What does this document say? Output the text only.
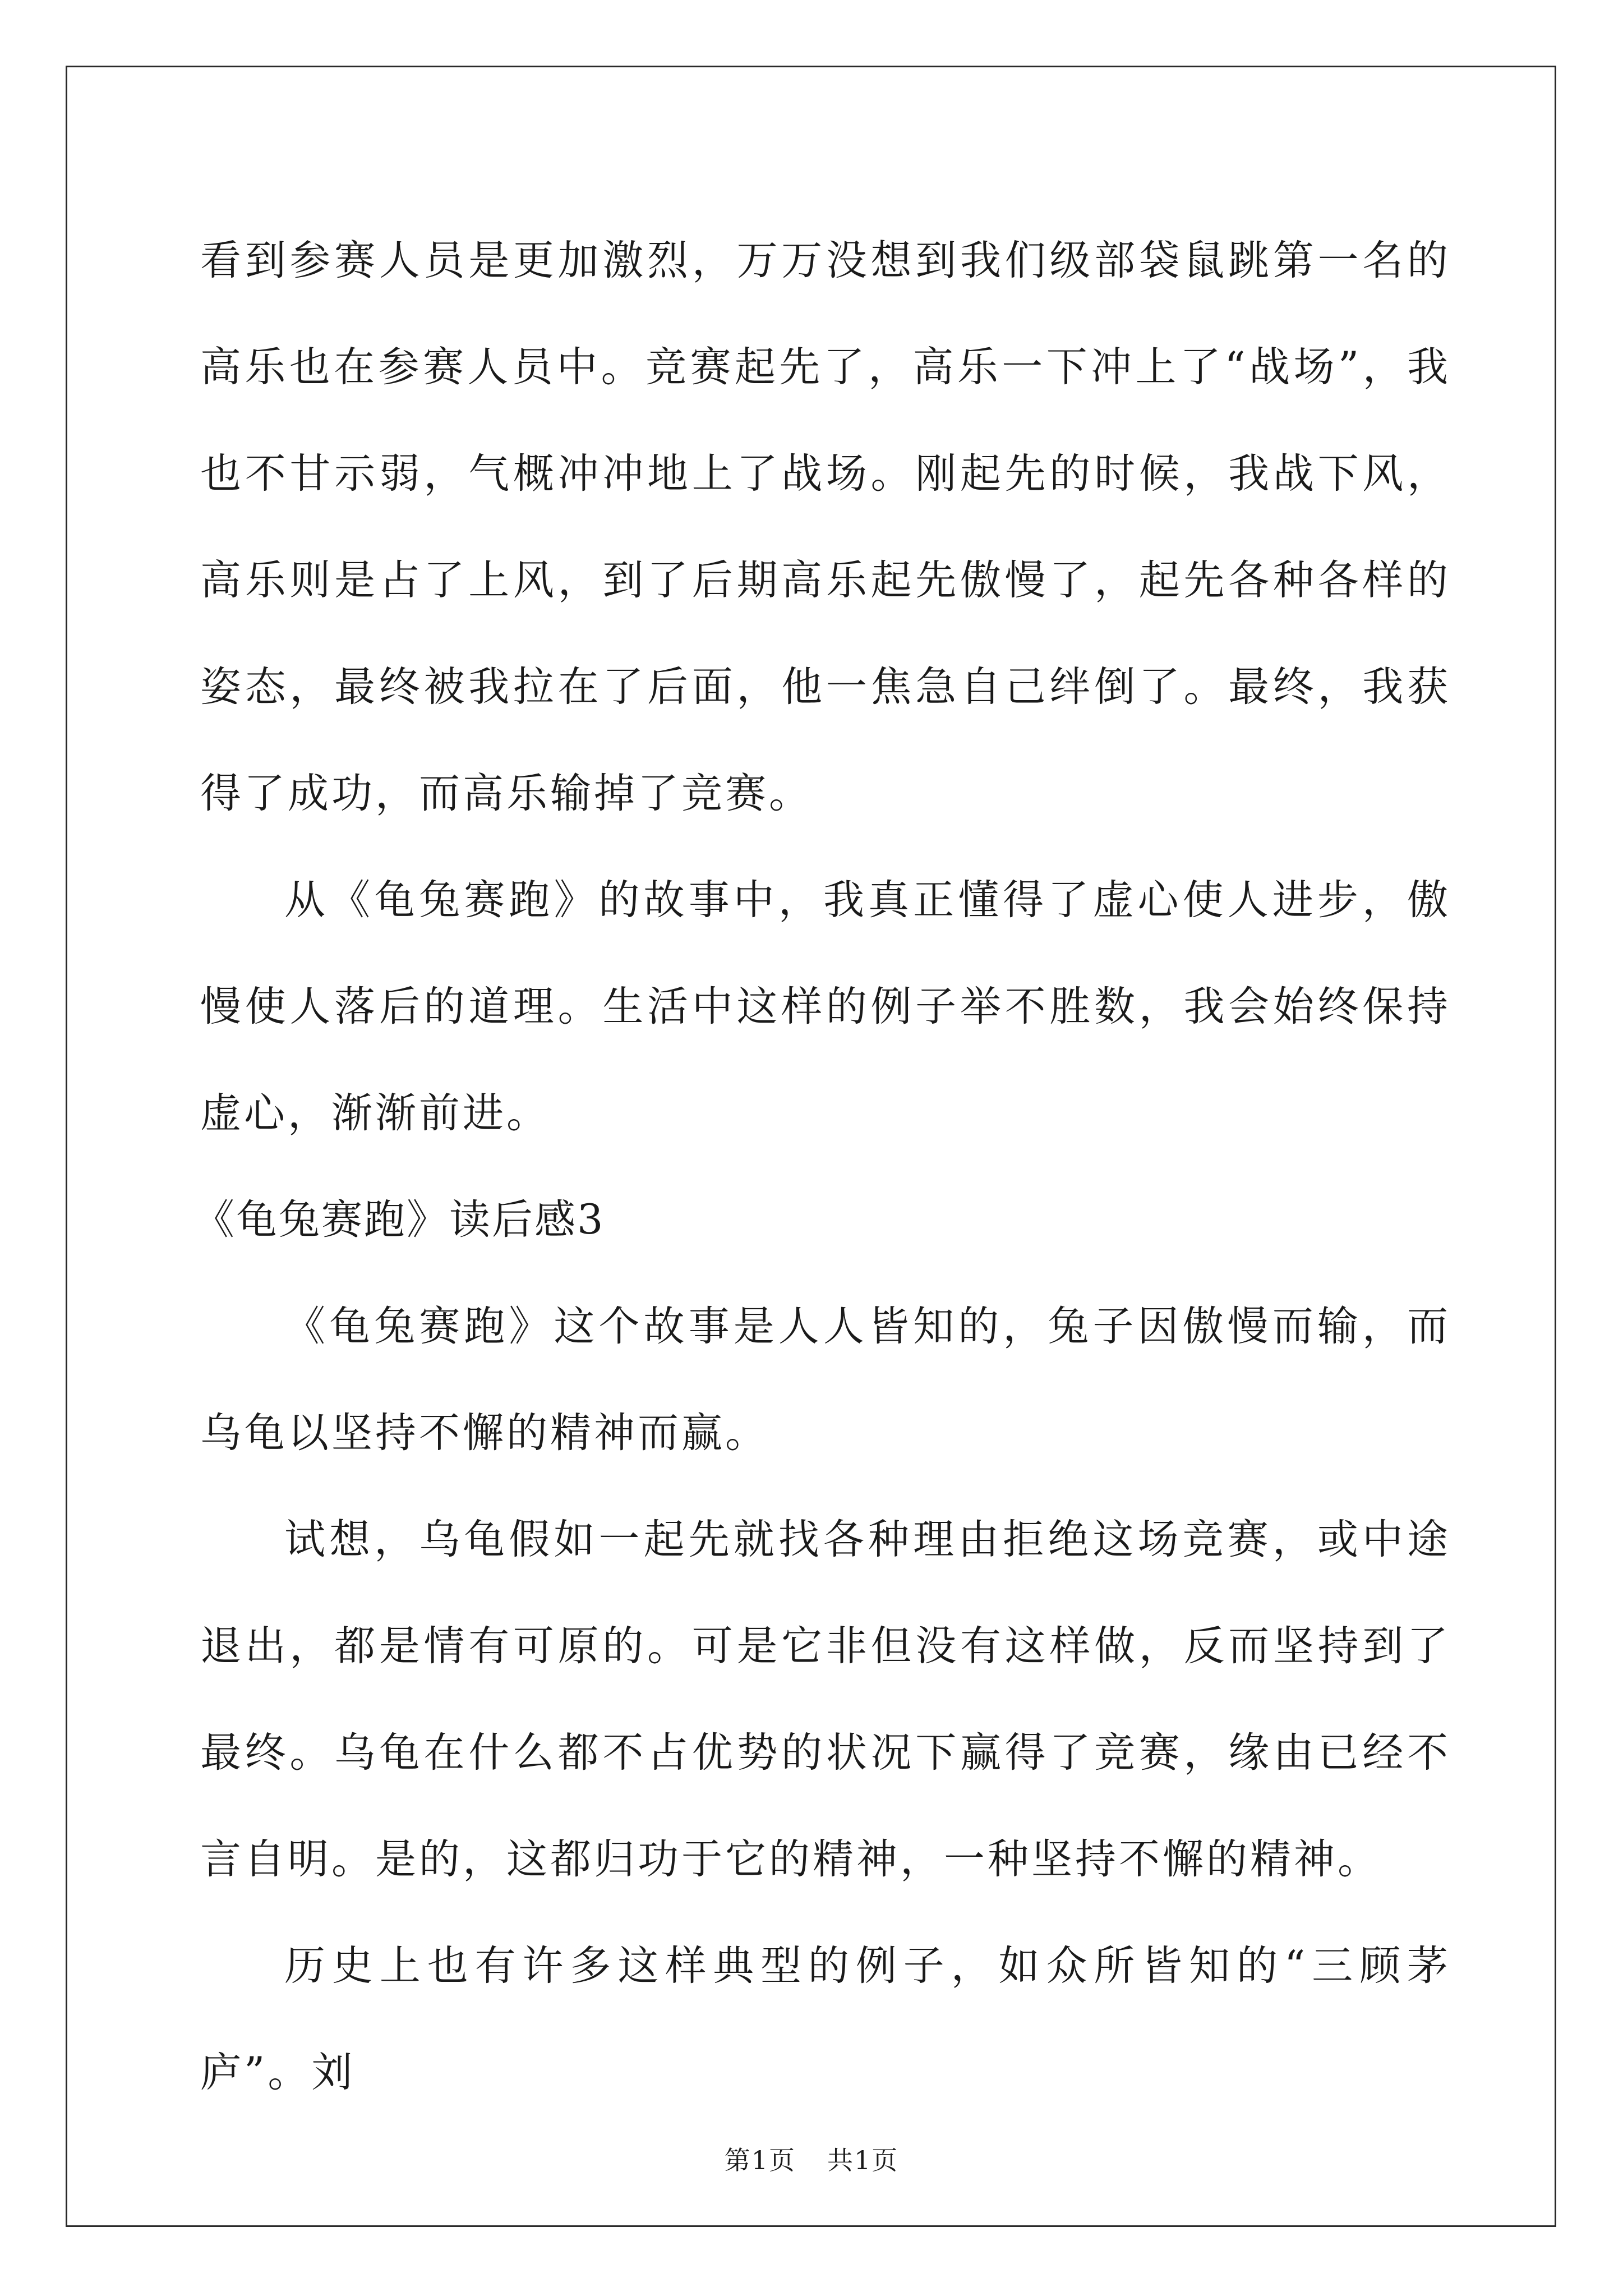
看到参赛人员是更加激烈，万万没想到我们级部袋鼠跳第一名的高乐也在参赛人员中。竞赛起先了，高乐一下冲上了“战场”，我也不甘示弱，气概冲冲地上了战场。刚起先的时候，我战下风，高乐则是占了上风，到了后期高乐起先傲慢了，起先各种各样的姿态，最终被我拉在了后面，他一焦急自己绊倒了。最终，我获得了成功，而高乐输掉了竞赛。

从《龟兔赛跑》的故事中，我真正懂得了虚心使人进步，傲慢使人落后的道理。生活中这样的例子举不胜数，我会始终保持虚心，渐渐前进。

《龟兔赛跑》读后感3

《龟兔赛跑》这个故事是人人皆知的，兔子因傲慢而输，而乌龟以坚持不懈的精神而赢。

试想，乌龟假如一起先就找各种理由拒绝这场竞赛，或中途退出，都是情有可原的。可是它非但没有这样做，反而坚持到了最终。乌龟在什么都不占优势的状况下赢得了竞赛，缘由已经不言自明。是的，这都归功于它的精神，一种坚持不懈的精神。

历史上也有许多这样典型的例子，如众所皆知的“三顾茅庐”。刘

第1页 共1页
